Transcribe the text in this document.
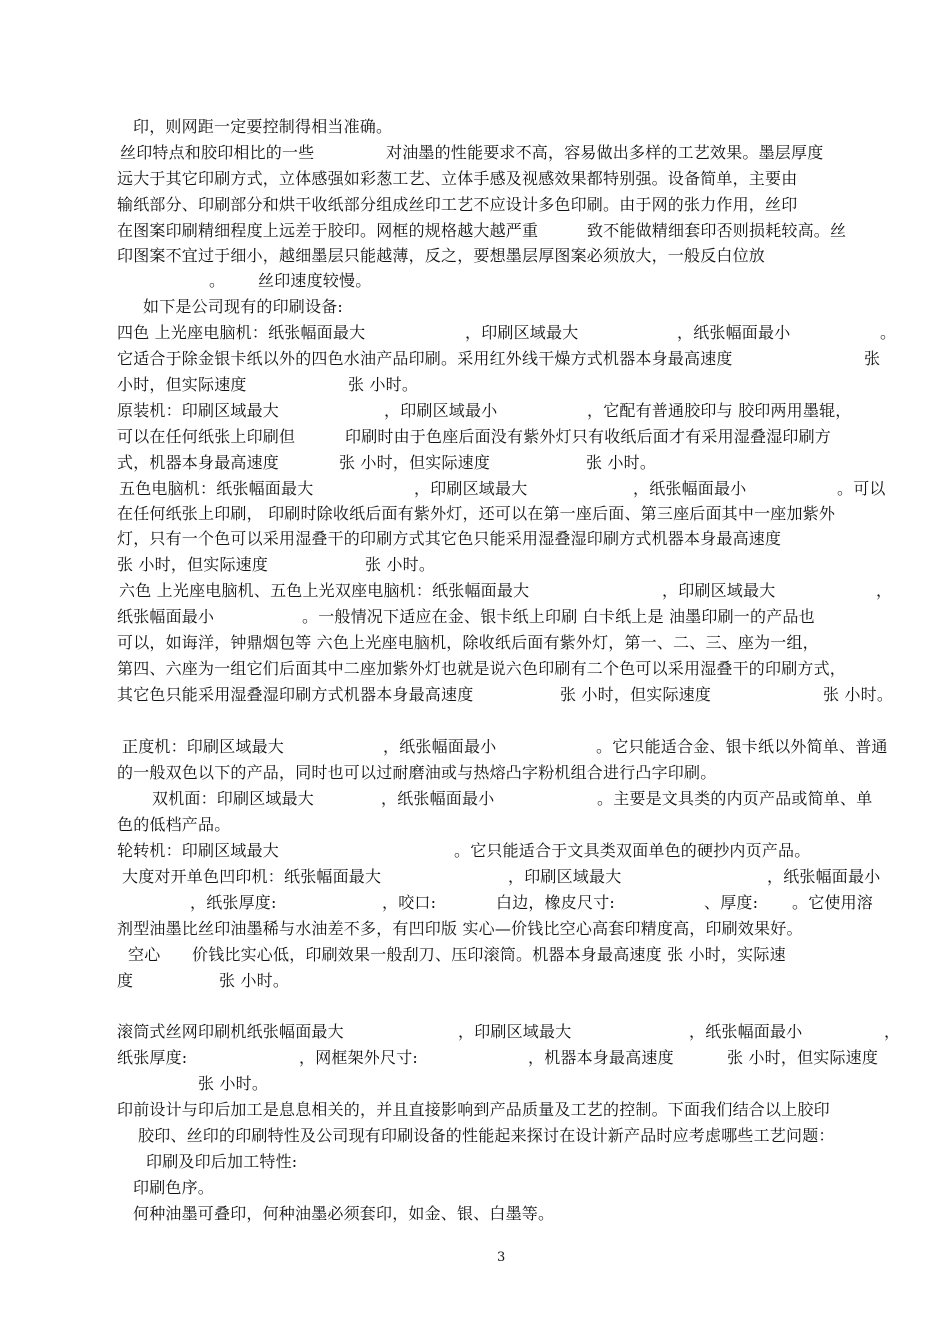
印，则网距一定要控制得相当准确。
丝印特点和胶印相比的一些	对油墨的性能要求不高，容易做出多样的工艺效果。墨层厚度
远大于其它印刷方式，立体感强如彩葱工艺、立体手感及视感效果都特别强。设备简单，主要由
输纸部分、印刷部分和烘干收纸部分组成丝印工艺不应设计多色印刷。由于网的张力作用，丝印
在图案印刷精细程度上远差于胶印。网框的规格越大越严重	致不能做精细套印否则损耗较高。丝
印图案不宜过于细小，越细墨层只能越薄，反之，要想墨层厚图案必须放大，一般反白位放
。 丝印速度较慢。
如下是公司现有的印刷设备:
四色 上光座电脑机：纸张幅面最大	，印刷区域最大	，纸张幅面最小	。
它适合于除金银卡纸以外的四色水油产品印刷。采用红外线干燥方式机器本身最高速度	张
小时，但实际速度	张 小时。
原装机：印刷区域最大	，印刷区域最小	，它配有普通胶印与 胶印两用墨辊，
可以在任何纸张上印刷但	印刷时由于色座后面没有紫外灯只有收纸后面才有采用湿叠湿印刷方
式，机器本身最高速度	张 小时，但实际速度	张 小时。
五色电脑机：纸张幅面最大	，印刷区域最大	，纸张幅面最小	。可以
在任何纸张上印刷， 印刷时除收纸后面有紫外灯，还可以在第一座后面、第三座后面其中一座加紫外
灯，只有一个色可以采用湿叠干的印刷方式其它色只能采用湿叠湿印刷方式机器本身最高速度
张 小时，但实际速度	张 小时。
六色 上光座电脑机、五色上光双座电脑机：纸张幅面最大	，印刷区域最大	，
纸张幅面最小	。一般情况下适应在金、银卡纸上印刷 白卡纸上是 油墨印刷一的产品也
可以，如诲洋，钟鼎烟包等 六色上光座电脑机，除收纸后面有紫外灯，第一、二、三、座为一组，
第四、六座为一组它们后面其中二座加紫外灯也就是说六色印刷有二个色可以采用湿叠干的印刷方式，
其它色只能采用湿叠湿印刷方式机器本身最高速度	张 小时，但实际速度	张 小时。
正度机：印刷区域最大	，纸张幅面最小	。它只能适合金、银卡纸以外简单、普通
的一般双色以下的产品，同时也可以过耐磨油或与热熔凸字粉机组合进行凸字印刷。
双机面：印刷区域最大	，纸张幅面最小	。主要是文具类的内页产品或简单、单
色的低档产品。
轮转机：印刷区域最大	。它只能适合于文具类双面单色的硬抄内页产品。
大度对开单色凹印机：纸张幅面最大	，印刷区域最大	，纸张幅面最小
，纸张厚度:	，咬口:	白边，橡皮尺寸:	、厚度: 。它使用溶
剂型油墨比丝印油墨稀与水油差不多，有凹印版 实心—价钱比空心高套印精度高，印刷效果好。
空心 价钱比实心低，印刷效果一般刮刀、压印滚筒。机器本身最高速度 张 小时，实际速
度	张 小时。
滚筒式丝网印刷机纸张幅面最大	，印刷区域最大	，纸张幅面最小	，
纸张厚度:	，网框架外尺寸:	，机器本身最高速度	张 小时，但实际速度
张 小时。
印前设计与印后加工是息息相关的，并且直接影响到产品质量及工艺的控制。下面我们结合以上胶印
胶印、丝印的印刷特性及公司现有印刷设备的性能起来探讨在设计新产品时应考虑哪些工艺问题：
印刷及印后加工特性:
印刷色序。
何种油墨可叠印，何种油墨必须套印，如金、银、白墨等。
3
